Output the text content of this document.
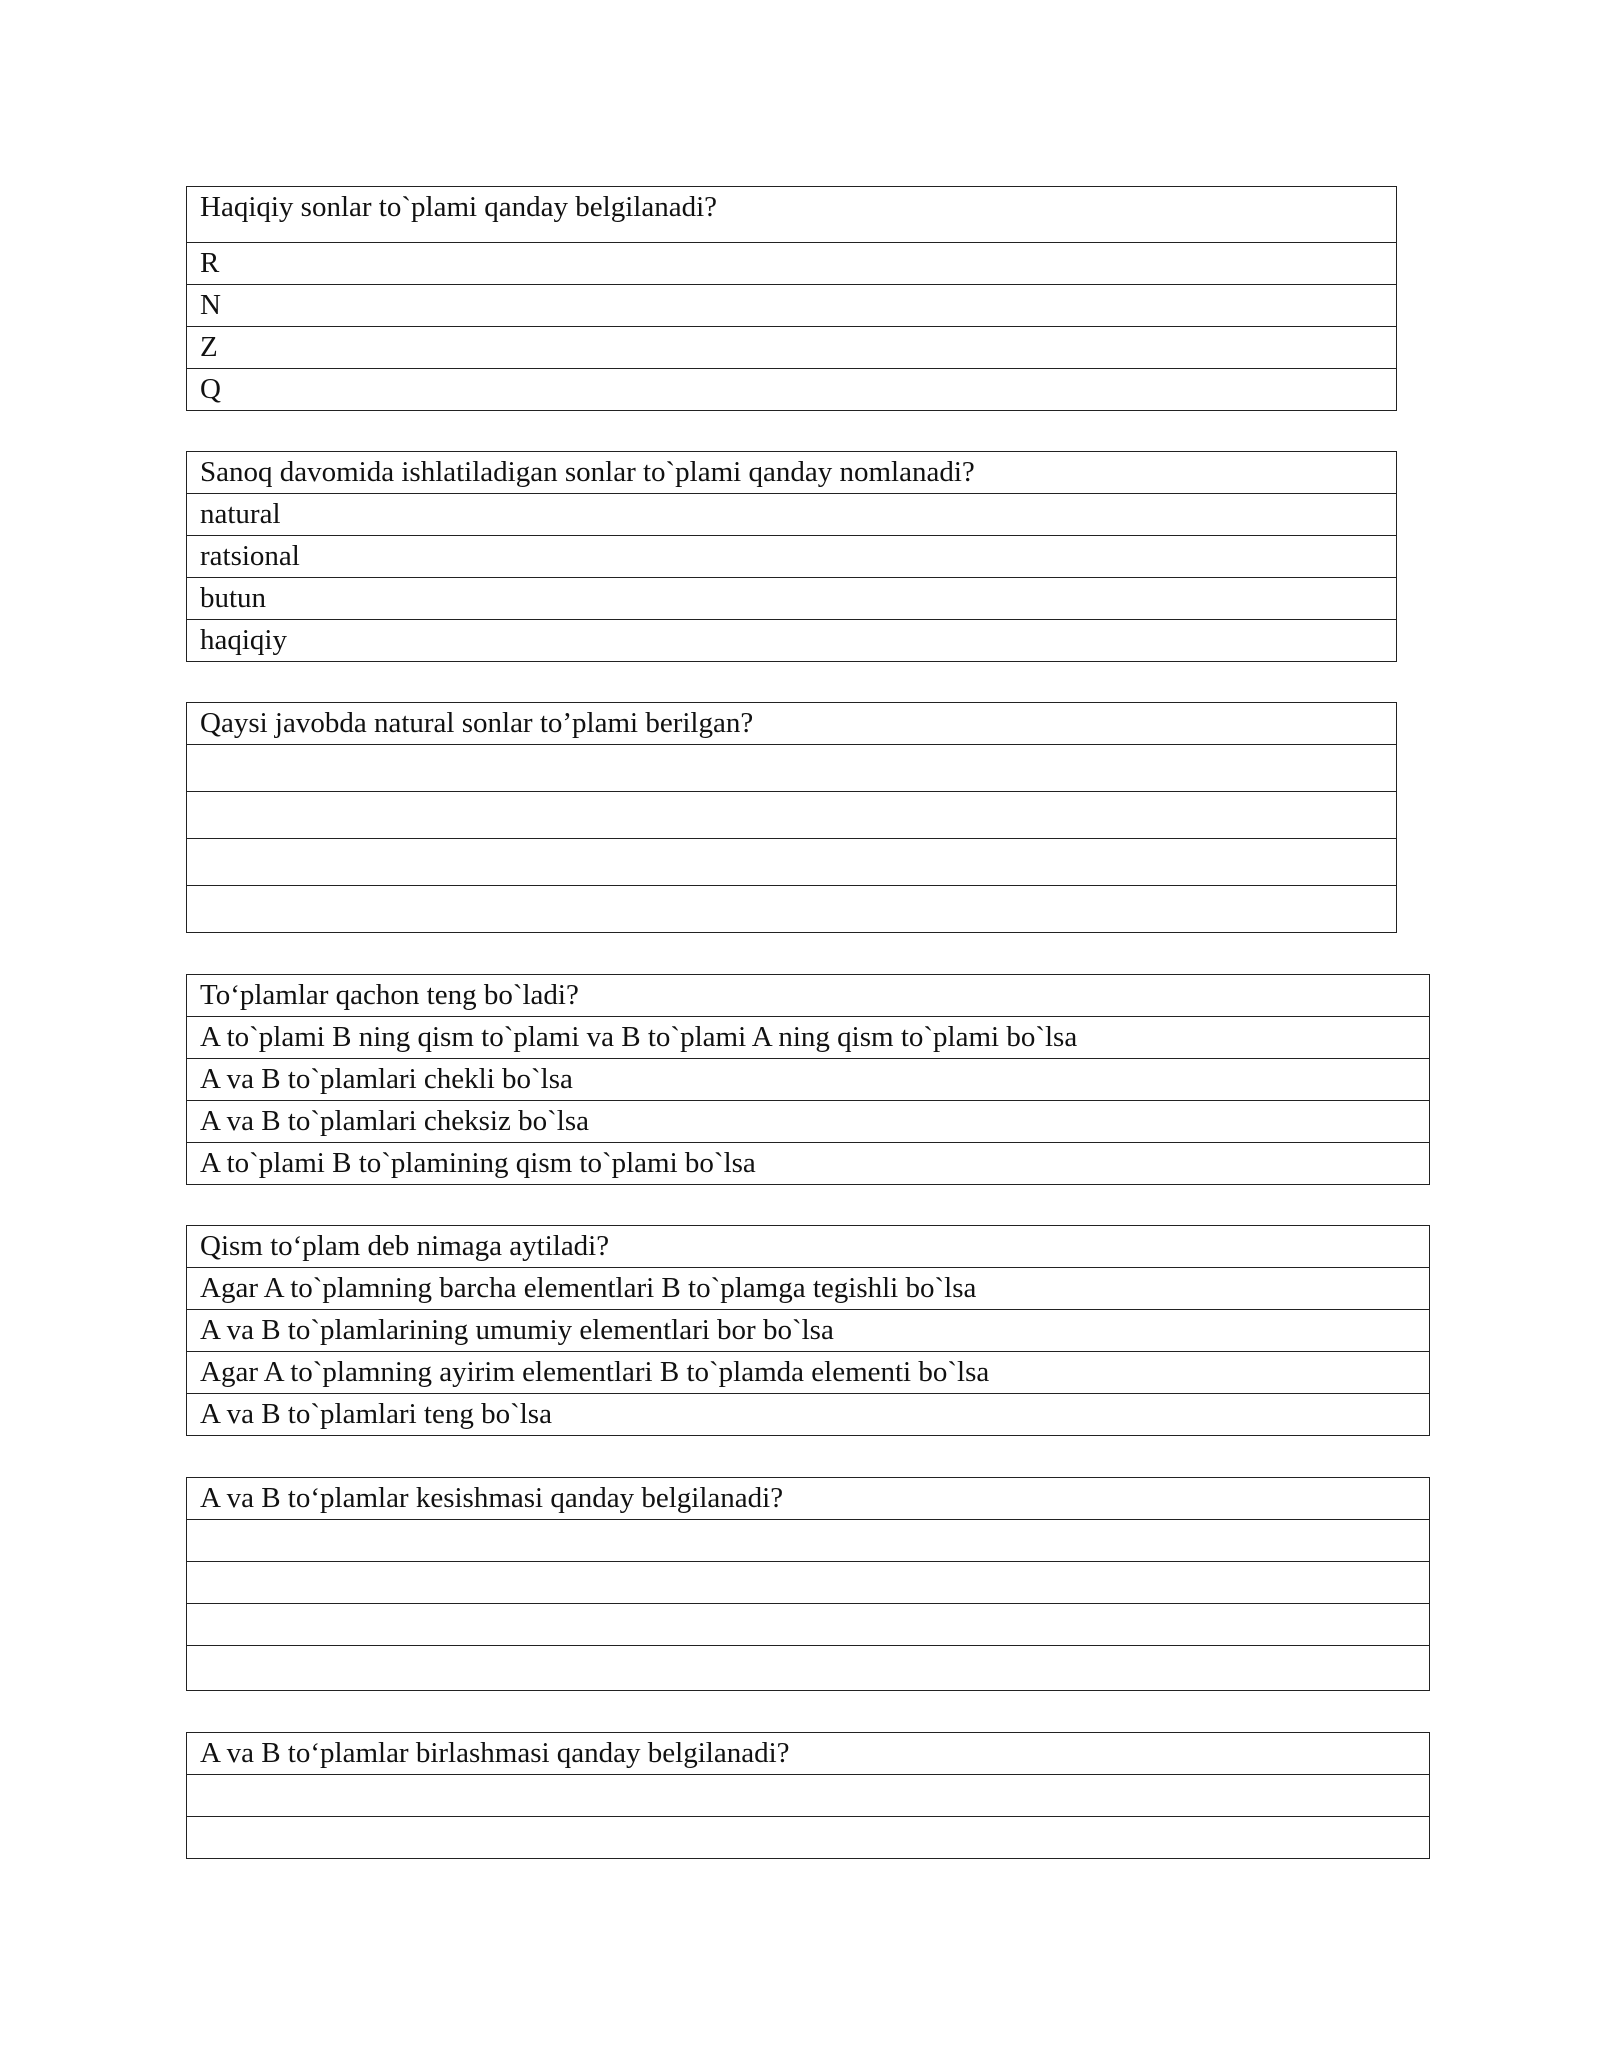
Haqiqiy sonlar to`plami qanday belgilanadi?
R
N
Z
Q
Sanoq davomida ishlatiladigan sonlar to`plami qanday nomlanadi?
natural
ratsional
butun
haqiqiy
Qaysi javobda natural sonlar to’plami berilgan?

To‘plamlar qachon teng bo`ladi?
A to`plami B ning qism to`plami va B to`plami A ning qism to`plami bo`lsa
A va B to`plamlari chekli bo`lsa
A va B to`plamlari cheksiz bo`lsa
A to`plami B to`plamining qism to`plami bo`lsa
Qism to‘plam deb nimaga aytiladi?
Agar A to`plamning barcha elementlari B to`plamga tegishli bo`lsa
A va B to`plamlarining umumiy elementlari bor bo`lsa
Agar A to`plamning ayirim elementlari B to`plamda elementi bo`lsa
A va B to`plamlari teng bo`lsa
A va B to‘plamlar kesishmasi qanday belgilanadi?

A va B to‘plamlar birlashmasi qanday belgilanadi?
